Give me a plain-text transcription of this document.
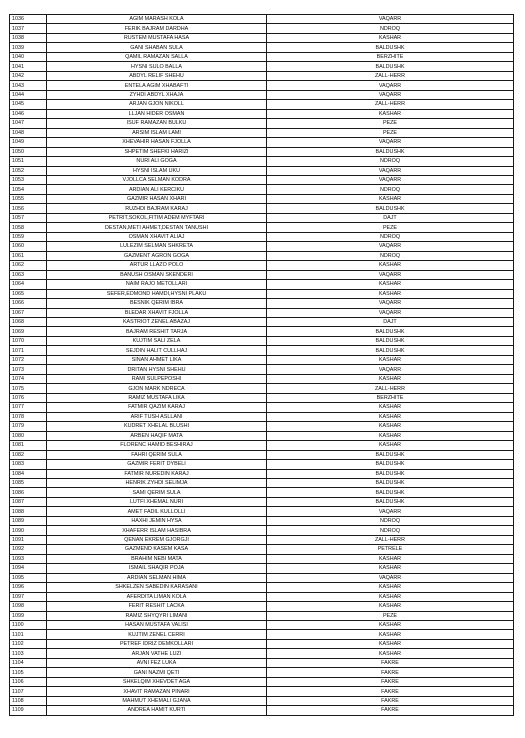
1036	AGIM MARASH KOLA	VAQARR
1037	FERIK BAJRAM DARDHA	NDROQ
1038	RUSTEM MUSTAFA HASA	KASHAR
1039	GANI SHABAN SULA	BALDUSHK
1040	QAMIL RAMAZAN SALLA	BERZHITE
1041	HYSNI SULO BALLA	BALDUSHK
1042	ABDYL RELIF SHEHU	ZALL-HERR
1043	ENTELA AGIM XHABAFTI	VAQARR
1044	ZYHDI ABDYL XHAJA	VAQARR
1045	ARJAN GJON NIKOLL	ZALL-HERR
1046	LLJAN HIDER OSMAN	KASHAR
1047	ISUF RAMAZAN BULKU	PEZE
1048	ARSIM ISLAM LAMI	PEZE
1049	XHEVAHIR HASAN FJOLLA	VAQARR
1050	SHPETIM SHEFKI HARIZI	BALDUSHK
1051	NURI ALI GOGA	NDROQ
1052	HYSNI ISLAM UKU	VAQARR
1053	VJOLLCA SELMAN KODRA	VAQARR
1054	ARDIAN ALI KERCIKU	NDROQ
1055	GAZMIR HASAN XHARI	KASHAR
1056	RUZHDI BAJRAM KARAJ	BALDUSHK
1057	PETRIT,SOKOL,FITIM ADEM MYFTARI	DAJT
1058	DESTAN,METI AHMET,DESTAN TANUSHI	PEZE
1059	OSMAN XHAVIT ALIAJ	NDROQ
1060	LULEZIM SELMAN SHKRETA	VAQARR
1061	GAZMENT AGRON GOGA	NDROQ
1062	ARTUR LLAZO POLO	KASHAR
1063	BANUSH OSMAN SKENDERI	VAQARR
1064	NAIM RAJO METOLLARI	KASHAR
1065	SEFER,EDMOND HAMDI,HYSNI PLAKU	KASHAR
1066	BESNIK QERIM IBRA	VAQARR
1067	BLEDAR XHAVIT FJOLLA	VAQARR
1068	KASTRIOT ZENEL ABAZAJ	DAJT
1069	BAJRAM RESHIT TARJA	BALDUSHK
1070	KUJTIM SALI ZELA	BALDUSHK
1071	SEJDIN HALIT CULLHAJ	BALDUSHK
1072	SINAN AHMET LIKA	KASHAR
1073	DRITAN HYSNI SHEHU	VAQARR
1074	RAMI SULPEPOSHI	KASHAR
1075	GJON MARK NDRECA	ZALL-HERR
1076	RAMIZ MUSTAFA LIKA	BERZHITE
1077	FATMIR QAZIM KARAJ	KASHAR
1078	ARIF TUSH ASLLANI	KASHAR
1079	KUDRET XHELAL BLUSHI	KASHAR
1080	ARBEN HAQIF MATA	KASHAR
1081	FLORENC HAMID BESHIRAJ	KASHAR
1082	FAHRI QERIM SULA	BALDUSHK
1083	GAZMIR FERIT DYBELI	BALDUSHK
1084	FATMIR NUREDIN KARAJ	BALDUSHK
1085	HENRIK ZYHDI SELIMJA	BALDUSHK
1086	SAMI QERIM SULA	BALDUSHK
1087	LUTFI XHEMAL NURI	BALDUSHK
1088	AMET FADIL KULLOLLI	VAQARR
1089	HAXHI JEMIN HYSA	NDROQ
1090	XHAFERR ISLAM HASIBRA	NDROQ
1091	QENAN EKREM GJORGJI	ZALL-HERR
1092	GAZMEND KASEM KASA	PETRELE
1093	BRAHIM NEBI MATA	KASHAR
1094	ISMAIL SHAQIR POJA	KASHAR
1095	ARDIAN SELMAN HIMA	VAQARR
1096	SHKELZEN SABEDIN KARASANI	KASHAR
1097	AFERDITA LIMAN KOLA	KASHAR
1098	FERIT RESHIT LACKA	KASHAR
1099	RAMIZ SHYQYRI LIMANI	PEZE
1100	HASAN MUSTAFA VALISI	KASHAR
1101	KUJTIM ZENEL CERRI	KASHAR
1102	PETREF IDRIZ DEMKOLLARI	KASHAR
1103	ARJAN VATHE LUZI	KASHAR
1104	AVNI FEZ LUKA	FAKRE
1105	GANI NAZMI QETI	FAKRE
1106	SHKELQIM XHEVDET AGA	FAKRE
1107	XHAVIT RAMAZAN PINARI	FAKRE
1108	MAHMUT XHEMALI GJANA	FAKRE
1109	ANDREA HAMIT KURTI	FAKRE
